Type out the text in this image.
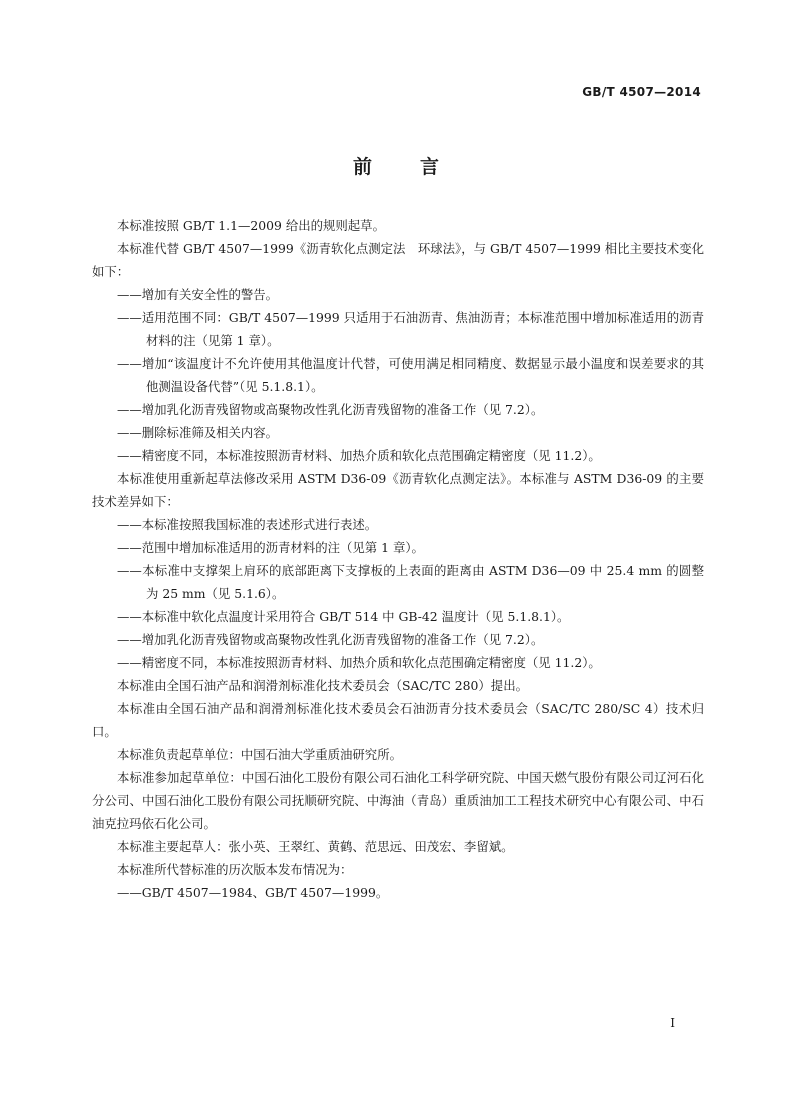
GB/T 4507—2014
前	言

本标准按照 GB/T 1.1—2009 给出的规则起草。

本标准代替 GB/T 4507—1999《沥青软化点测定法　环球法》，与 GB/T 4507—1999 相比主要技术变化如下：

——增加有关安全性的警告。

——适用范围不同：GB/T 4507—1999 只适用于石油沥青、焦油沥青；本标准范围中增加标准适用的沥青材料的注（见第 1 章）。

——增加“该温度计不允许使用其他温度计代替，可使用满足相同精度、数据显示最小温度和误差要求的其他测温设备代替”（见 5.1.8.1）。

——增加乳化沥青残留物或高聚物改性乳化沥青残留物的准备工作（见 7.2）。

——删除标准筛及相关内容。

——精密度不同，本标准按照沥青材料、加热介质和软化点范围确定精密度（见 11.2）。

本标准使用重新起草法修改采用 ASTM D36-09《沥青软化点测定法》。本标准与 ASTM D36-09 的主要技术差异如下：

——本标准按照我国标准的表述形式进行表述。

——范围中增加标准适用的沥青材料的注（见第 1 章）。

——本标准中支撑架上肩环的底部距离下支撑板的上表面的距离由 ASTM D36—09 中 25.4 mm 的圆整为 25 mm（见 5.1.6）。

——本标准中软化点温度计采用符合 GB/T 514 中 GB-42 温度计（见 5.1.8.1）。

——增加乳化沥青残留物或高聚物改性乳化沥青残留物的准备工作（见 7.2）。

——精密度不同，本标准按照沥青材料、加热介质和软化点范围确定精密度（见 11.2）。

本标准由全国石油产品和润滑剂标准化技术委员会（SAC/TC 280）提出。

本标准由全国石油产品和润滑剂标准化技术委员会石油沥青分技术委员会（SAC/TC 280/SC 4）技术归口。

本标准负责起草单位：中国石油大学重质油研究所。

本标准参加起草单位：中国石油化工股份有限公司石油化工科学研究院、中国天燃气股份有限公司辽河石化分公司、中国石油化工股份有限公司抚顺研究院、中海油（青岛）重质油加工工程技术研究中心有限公司、中石油克拉玛依石化公司。

本标准主要起草人：张小英、王翠红、黄鹤、范思远、田茂宏、李留斌。

本标准所代替标准的历次版本发布情况为：

——GB/T 4507—1984、GB/T 4507—1999。

I
